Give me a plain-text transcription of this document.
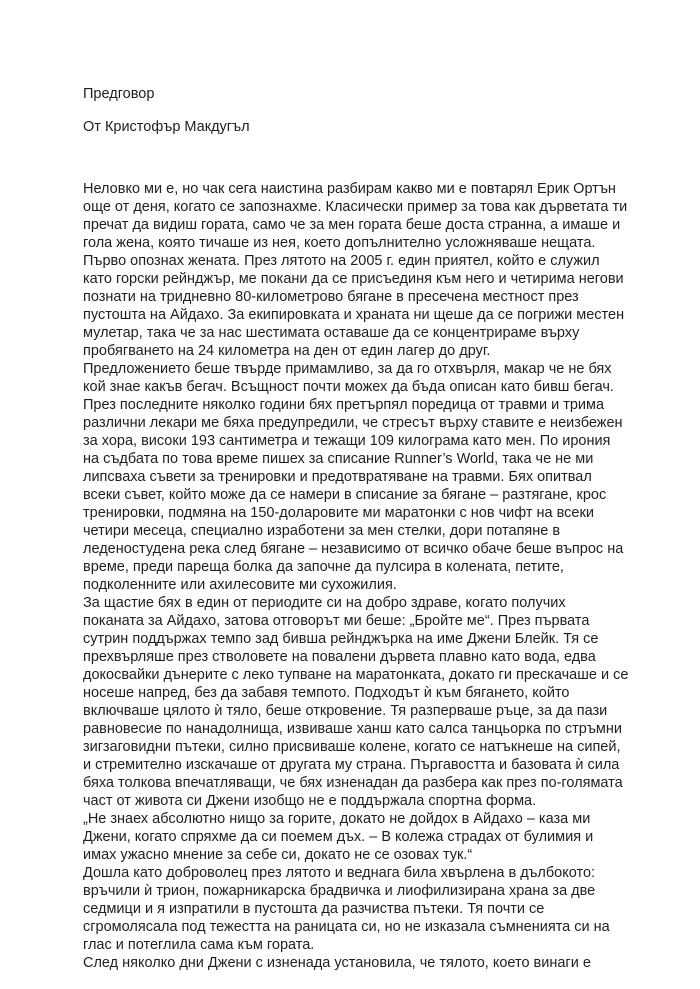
Предговор
От Кристофър Макдугъл
Неловко ми е, но чак сега наистина разбирам какво ми е повтарял Ерик Ортън
още от деня, когато се запознахме. Класически пример за това как дърветата ти
пречат да видиш гората, само че за мен гората беше доста странна, а имаше и
гола жена, която тичаше из нея, което допълнително усложняваше нещата.
Първо опознах жената. През лятото на 2005 г. един приятел, който е служил
като горски рейнджър, ме покани да се присъединя към него и четирима негови
познати на тридневно 80-километрово бягане в пресечена местност през
пустошта на Айдахо. За екипировката и храната ни щеше да се погрижи местен
мулетар, така че за нас шестимата оставаше да се концентрираме върху
пробягването на 24 километра на ден от един лагер до друг.
Предложението беше твърде примамливо, за да го отхвърля, макар че не бях
кой знае какъв бегач. Всъщност почти можех да бъда описан като бивш бегач.
През последните няколко години бях претърпял поредица от травми и трима
различни лекари ме бяха предупредили, че стресът върху ставите е неизбежен
за хора, високи 193 сантиметра и тежащи 109 килограма като мен. По ирония
на съдбата по това време пишех за списание Runner’s World, така че не ми
липсваха съвети за тренировки и предотвратяване на травми. Бях опитвал
всеки съвет, който може да се намери в списание за бягане – разтягане, крос
тренировки, подмяна на 150-доларовите ми маратонки с нов чифт на всеки
четири месеца, специално изработени за мен стелки, дори потапяне в
леденостудена река след бягане – независимо от всичко обаче беше въпрос на
време, преди пареща болка да започне да пулсира в колената, петите,
подколенните или ахилесовите ми сухожилия.
За щастие бях в един от периодите си на добро здраве, когато получих
поканата за Айдахо, затова отговорът ми беше: „Бройте ме“. През първата
сутрин поддържах темпо зад бивша рейнджърка на име Джени Блейк. Тя се
прехвърляше през стволовете на повалени дървета плавно като вода, едва
докосвайки дънерите с леко тупване на маратонката, докато ги прескачаше и се
носеше напред, без да забавя темпото. Подходът ѝ към бягането, който
включваше цялото ѝ тяло, беше откровение. Тя разперваше ръце, за да пази
равновесие по нанадолнища, извиваше ханш като салса танцьорка по стръмни
зигзаговидни пътеки, силно присвиваше колене, когато се натъкнеше на сипей,
и стремително изскачаше от другата му страна. Пъргавостта и базовата ѝ сила
бяха толкова впечатляващи, че бях изненадан да разбера как през по-голямата
част от живота си Джени изобщо не е поддържала спортна форма.
„Не знаех абсолютно нищо за горите, докато не дойдох в Айдахо – каза ми
Джени, когато спряхме да си поемем дъх. – В колежа страдах от булимия и
имах ужасно мнение за себе си, докато не се озовах тук.“
Дошла като доброволец през лятото и веднага била хвърлена в дълбокото:
връчили ѝ трион, пожарникарска брадвичка и лиофилизирана храна за две
седмици и я изпратили в пустошта да разчиства пътеки. Тя почти се
сгромолясала под тежестта на раницата си, но не изказала съмненията си на
глас и потеглила сама към гората.
След няколко дни Джени с изненада установила, че тялото, което винаги е
